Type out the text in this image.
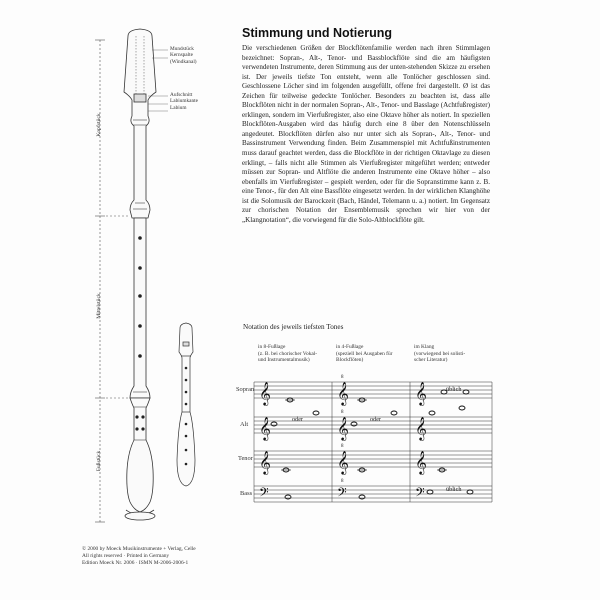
𝄞	𝄞	𝄞
𝄞	𝄞	𝄞
𝄞	𝄞	𝄞
𝄢	𝄢	𝄢
8
8
8
8
Mundstück
Kernspalte
(Windkanal)
Aufschnitt
Labiumkante
Labium
Kopfstück
Mittelstück
Fußstück
Stimmung und Notierung

Die verschiedenen Größen der Blockflötenfamilie werden nach ihren Stimmlagen bezeichnet: Sopran-, Alt-, Tenor- und Bassblockflöte sind die am häufigsten verwendeten Instrumente, deren Stimmung aus der unten-stehenden Skizze zu ersehen ist. Der jeweils tiefste Ton entsteht, wenn alle Tonlöcher geschlossen sind. Geschlossene Löcher sind im folgenden ausgefüllt, offene frei dargestellt. Ø ist das Zeichen für teilweise gedeckte Tonlöcher. Besonders zu beachten ist, dass alle Blockflöten nicht in der normalen Sopran-, Alt-, Tenor- und Basslage (Achtfußregister) erklingen, sondern im Vierfußregister, also eine Oktave höher als notiert. In speziellen Blockflöten-Ausgaben wird das häufig durch eine 8 über den Notenschlüsseln angedeutet. Blockflöten dürfen also nur unter sich als Sopran-, Alt-, Tenor- und Bassinstrument Verwendung finden. Beim Zusammenspiel mit Achtfußinstrumenten muss darauf geachtet werden, dass die Blockflöte in der richtigen Oktavlage zu diesen erklingt, – falls nicht alle Stimmen als Vierfußregister mitgeführt werden; entweder müssen zur Sopran- und Altflöte die anderen Instrumente eine Oktave höher – also ebenfalls im Vierfußregister – gespielt werden, oder für die Sopranstimme kann z. B. eine Tenor-, für den Alt eine Bassflöte eingesetzt werden. In der wirklichen Klanghöhe ist die Solomusik der Barockzeit (Bach, Händel, Telemann u. a.) notiert. Im Gegensatz zur chorischen Notation der Ensemblemusik sprechen wir hier von der „Klangnotation“, die vorwiegend für die Solo-Altblockflöte gilt.

Notation des jeweils tiefsten Tones
in 8-Fußlage
(z. B. bei chorischer Vokal-
und Instrumentalmusik)
in 4-Fußlage
(speziell bei Ausgaben für
Blockflöten)
im Klang
(vorwiegend bei solisti-
scher Literatur)
Sopran
Alt
Tenor
Bass
oder	oder
üblich
üblich
© 2000 by Moeck Musikinstrumente + Verlag, Celle
All rights reserved · Printed in Germany
Edition Moeck Nr. 2006 · ISMN M-2006-2006-1
